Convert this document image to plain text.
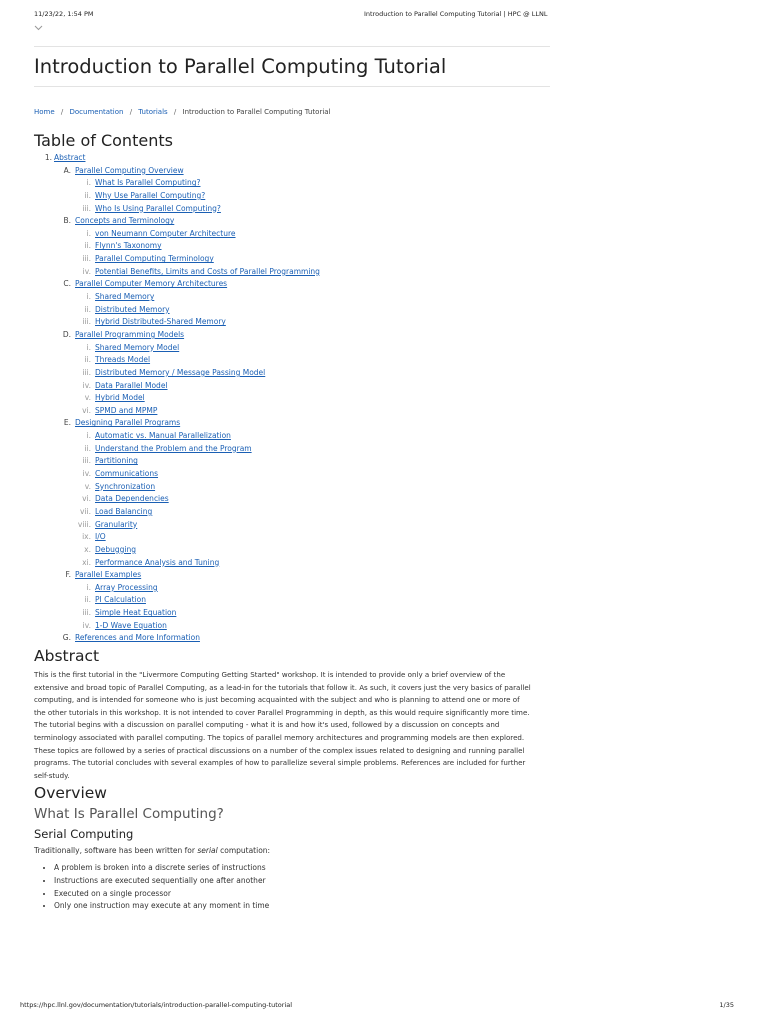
11/23/22, 1:54 PM	Introduction to Parallel Computing Tutorial | HPC @ LLNL
Introduction to Parallel Computing Tutorial
Home / Documentation / Tutorials / Introduction to Parallel Computing Tutorial
Table of Contents
1. Abstract
A. Parallel Computing Overview
i. What Is Parallel Computing?
ii. Why Use Parallel Computing?
iii. Who Is Using Parallel Computing?
B. Concepts and Terminology
i. von Neumann Computer Architecture
ii. Flynn's Taxonomy
iii. Parallel Computing Terminology
iv. Potential Benefits, Limits and Costs of Parallel Programming
C. Parallel Computer Memory Architectures
i. Shared Memory
ii. Distributed Memory
iii. Hybrid Distributed-Shared Memory
D. Parallel Programming Models
i. Shared Memory Model
ii. Threads Model
iii. Distributed Memory / Message Passing Model
iv. Data Parallel Model
v. Hybrid Model
vi. SPMD and MPMP
E. Designing Parallel Programs
i. Automatic vs. Manual Parallelization
ii. Understand the Problem and the Program
iii. Partitioning
iv. Communications
v. Synchronization
vi. Data Dependencies
vii. Load Balancing
viii. Granularity
ix. I/O
x. Debugging
xi. Performance Analysis and Tuning
F. Parallel Examples
i. Array Processing
ii. PI Calculation
iii. Simple Heat Equation
iv. 1-D Wave Equation
G. References and More Information
Abstract

This is the first tutorial in the "Livermore Computing Getting Started" workshop. It is intended to provide only a brief overview of the extensive and broad topic of Parallel Computing, as a lead-in for the tutorials that follow it. As such, it covers just the very basics of parallel computing, and is intended for someone who is just becoming acquainted with the subject and who is planning to attend one or more of the other tutorials in this workshop. It is not intended to cover Parallel Programming in depth, as this would require significantly more time. The tutorial begins with a discussion on parallel computing - what it is and how it's used, followed by a discussion on concepts and terminology associated with parallel computing. The topics of parallel memory architectures and programming models are then explored. These topics are followed by a series of practical discussions on a number of the complex issues related to designing and running parallel programs. The tutorial concludes with several examples of how to parallelize several simple problems. References are included for further self-study.

Overview
What Is Parallel Computing?
Serial Computing

Traditionally, software has been written for serial computation:

• A problem is broken into a discrete series of instructions
• Instructions are executed sequentially one after another
• Executed on a single processor
• Only one instruction may execute at any moment in time
https://hpc.llnl.gov/documentation/tutorials/introduction-parallel-computing-tutorial	1/35
